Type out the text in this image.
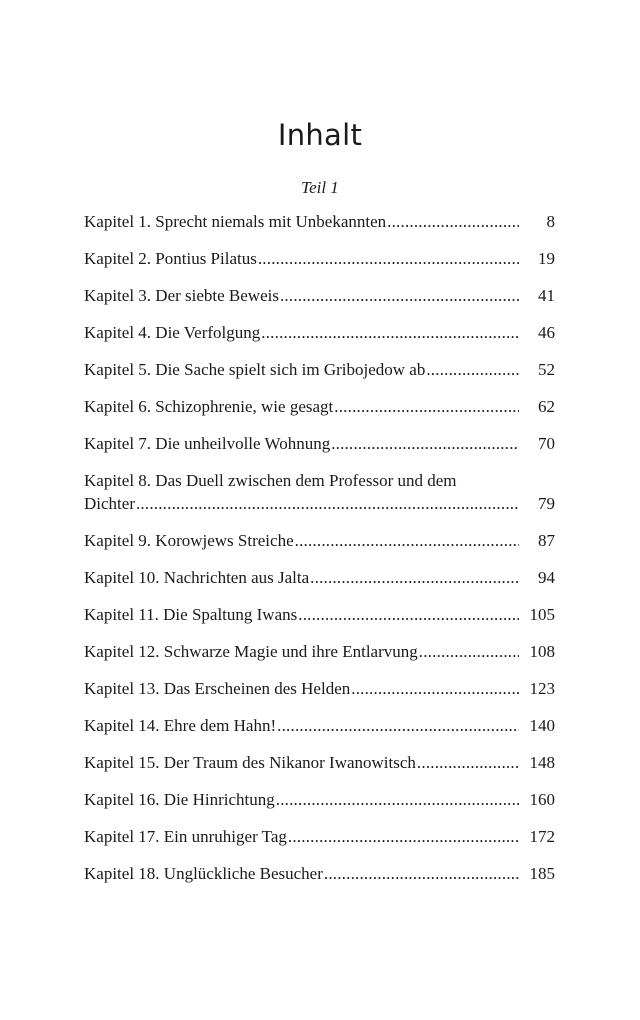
Inhalt
Teil 1
Kapitel 1. Sprecht niemals mit Unbekannten .....	8
Kapitel 2. Pontius Pilatus .....	19
Kapitel 3. Der siebte Beweis .....	41
Kapitel 4. Die Verfolgung .....	46
Kapitel 5. Die Sache spielt sich im Gribojedow ab .....	52
Kapitel 6. Schizophrenie, wie gesagt .....	62
Kapitel 7. Die unheilvolle Wohnung .....	70
Kapitel 8. Das Duell zwischen dem Professor und dem
Dichter .....	79
Kapitel 9. Korowjews Streiche .....	87
Kapitel 10. Nachrichten aus Jalta .....	94
Kapitel 11. Die Spaltung Iwans .....	105
Kapitel 12. Schwarze Magie und ihre Entlarvung .....	108
Kapitel 13. Das Erscheinen des Helden .....	123
Kapitel 14. Ehre dem Hahn! .....	140
Kapitel 15. Der Traum des Nikanor Iwanowitsch .....	148
Kapitel 16. Die Hinrichtung .....	160
Kapitel 17. Ein unruhiger Tag .....	172
Kapitel 18. Unglückliche Besucher .....	185
